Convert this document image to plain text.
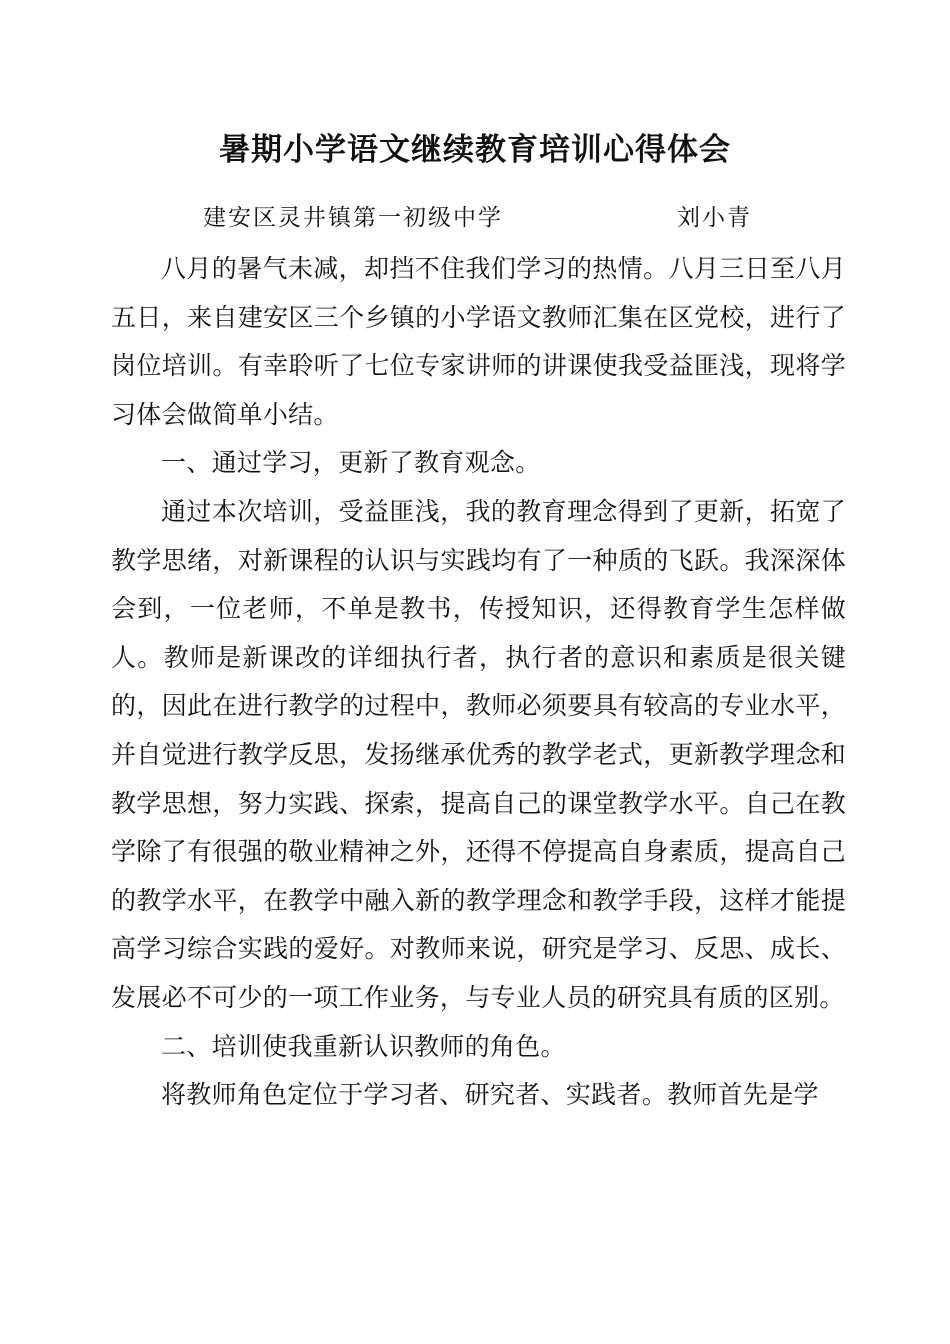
暑期小学语文继续教育培训心得体会
建安区灵井镇第一初级中学	刘小青

八月的暑气未减，却挡不住我们学习的热情。八月三日至八月五日，来自建安区三个乡镇的小学语文教师汇集在区党校，进行了岗位培训。有幸聆听了七位专家讲师的讲课使我受益匪浅，现将学习体会做简单小结。

一、通过学习，更新了教育观念。

通过本次培训，受益匪浅，我的教育理念得到了更新，拓宽了教学思绪，对新课程的认识与实践均有了一种质的飞跃。我深深体会到，一位老师，不单是教书，传授知识，还得教育学生怎样做人。教师是新课改的详细执行者，执行者的意识和素质是很关键的，因此在进行教学的过程中，教师必须要具有较高的专业水平，并自觉进行教学反思，发扬继承优秀的教学老式，更新教学理念和教学思想，努力实践、探索，提高自己的课堂教学水平。自己在教学除了有很强的敬业精神之外，还得不停提高自身素质，提高自己的教学水平，在教学中融入新的教学理念和教学手段，这样才能提高学习综合实践的爱好。对教师来说，研究是学习、反思、成长、发展必不可少的一项工作业务，与专业人员的研究具有质的区别。

二、培训使我重新认识教师的角色。

将教师角色定位于学习者、研究者、实践者。教师首先是学
